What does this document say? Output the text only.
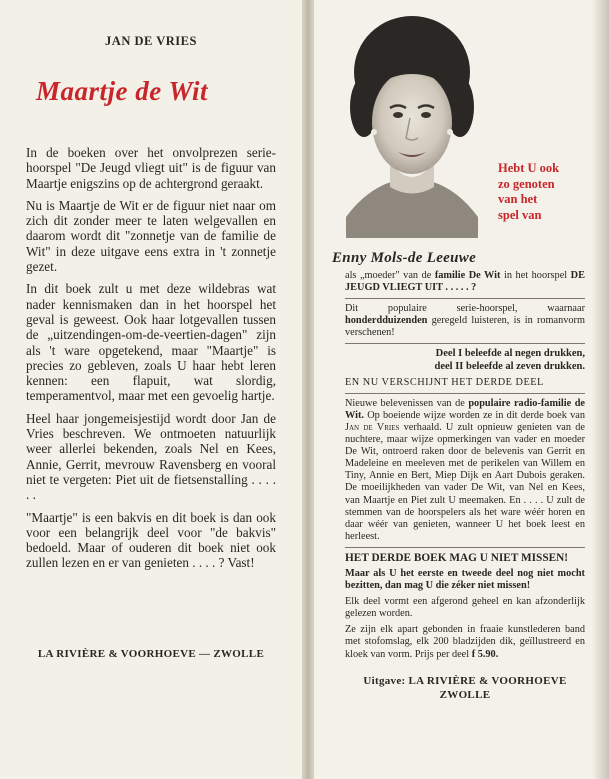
JAN DE VRIES
Maartje de Wit

In de boeken over het onvolprezen serie-hoorspel "De Jeugd vliegt uit" is de figuur van Maartje enigszins op de achtergrond geraakt.

Nu is Maartje de Wit er de figuur niet naar om zich dit zonder meer te laten welgevallen en daarom wordt dit "zonnetje van de familie de Wit" in deze uitgave eens extra in 't zonnetje gezet.

In dit boek zult u met deze wildebras wat nader kennismaken dan in het hoorspel het geval is geweest. Ook haar lotgevallen tussen de „uitzendingen-om-de-veertien-dagen" zijn als 't ware opgetekend, maar "Maartje" is precies zo gebleven, zoals U haar hebt leren kennen: een flapuit, wat slordig, temperamentvol, maar met een gevoelig hartje.

Heel haar jongemeisjestijd wordt door Jan de Vries beschreven. We ontmoeten natuurlijk weer allerlei bekenden, zoals Nel en Kees, Annie, Gerrit, mevrouw Ravensberg en vooral niet te vergeten: Piet uit de fietsenstalling . . . . . .

"Maartje" is een bakvis en dit boek is dan ook voor een belangrijk deel voor "de bakvis" bedoeld. Maar of ouderen dit boek niet ook zullen lezen en er van genieten . . . . ? Vast!

LA RIVIÈRE & VOORHOEVE — ZWOLLE
Hebt U ook
zo genoten
van het
spel van
Enny Mols-de Leeuwe

als „moeder" van de familie De Wit in het hoorspel DE JEUGD VLIEGT UIT . . . . . ?

Dit populaire serie-hoorspel, waarnaar honderdduizenden geregeld luisteren, is in romanvorm verschenen!

Deel I beleefde al negen drukken,

deel II beleefde al zeven drukken.

EN NU VERSCHIJNT HET DERDE DEEL

Nieuwe belevenissen van de populaire radio-familie de Wit. Op boeiende wijze worden ze in dit derde boek van Jan de Vries verhaald. U zult opnieuw genieten van de nuchtere, maar wijze opmerkingen van vader en moeder De Wit, ontroerd raken door de belevenis van Gerrit en Madeleine en meeleven met de perikelen van Willem en Tiny, Annie en Bert, Miep Dijk en Aart Dubois geraken. De moeilijkheden van vader De Wit, van Nel en Kees, van Maartje en Piet zult U meemaken. En . . . . U zult de stemmen van de hoorspelers als het ware wéér horen en daar wéér van genieten, wanneer U het boek leest en herleest.

HET DERDE BOEK MAG U NIET MISSEN!

Maar als U het eerste en tweede deel nog niet mocht bezitten, dan mag U die zéker niet missen!

Elk deel vormt een afgerond geheel en kan afzonderlijk gelezen worden.

Ze zijn elk apart gebonden in fraaie kunstlederen band met stofomslag, elk 200 bladzijden dik, geïllustreerd en kloek van vorm. Prijs per deel f 5.90.

Uitgave: LA RIVIÈRE & VOORHOEVE
ZWOLLE
